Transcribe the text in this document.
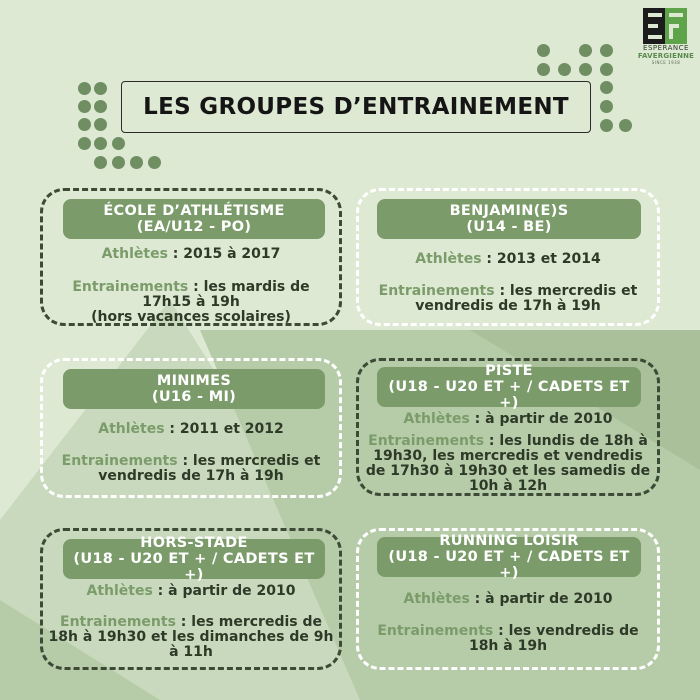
ESPÉRANCE
FAVERGIENNE
SINCE 1938
LES GROUPES D’ENTRAINEMENT
ÉCOLE D’ATHLÉTISME
(EA/U12 - PO)
Athlètes : 2015 à 2017
Entrainements : les mardis de
17h15 à 19h
(hors vacances scolaires)
BENJAMIN(E)S
(U14 - BE)
Athlètes : 2013 et 2014
Entrainements : les mercredis et
vendredis de 17h à 19h
MINIMES
(U16 - MI)
Athlètes : 2011 et 2012
Entrainements : les mercredis et
vendredis de 17h à 19h
PISTE
(U18 - U20 ET + / CADETS ET +)
Athlètes : à partir de 2010
Entrainements : les lundis de 18h à
19h30, les mercredis et vendredis
de 17h30 à 19h30 et les samedis de
10h à 12h
HORS-STADE
(U18 - U20 ET + / CADETS ET +)
Athlètes : à partir de 2010
Entrainements : les mercredis de
18h à 19h30 et les dimanches de 9h
à 11h
RUNNING LOISIR
(U18 - U20 ET + / CADETS ET +)
Athlètes : à partir de 2010
Entrainements : les vendredis de
18h à 19h
